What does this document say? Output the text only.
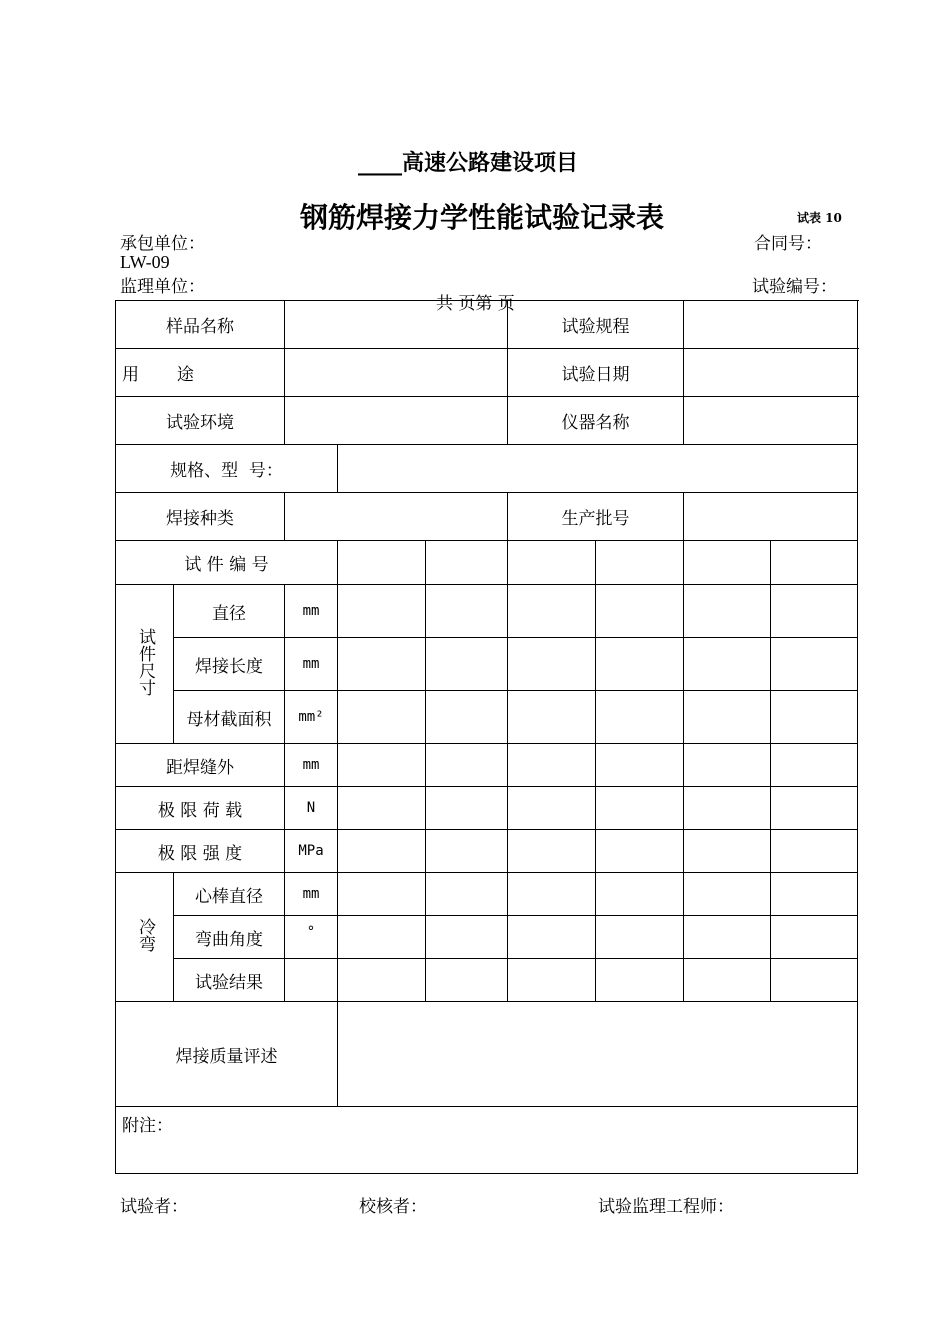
____高速公路建设项目
钢筋焊接力学性能试验记录表	试表 10
承包单位：	合同号：
LW-09
监理单位：	试验编号：
共 页第 页
样品名称					试验规程			
用       途					试验日期			
试验环境					仪器名称			
规格、型  号：								
焊接种类					生产批号			
试 件 编 号								
试件尺寸	直径	mm						
	焊接长度	mm						
	母材截面积	mm²						
距焊缝外		mm						
极 限 荷 载		N						
极 限 强 度		MPa						
冷弯	心棒直径	mm						
	弯曲角度	°						
	试验结果							
焊接质量评述								
附注：								
试验者：	校核者：	试验监理工程师：
